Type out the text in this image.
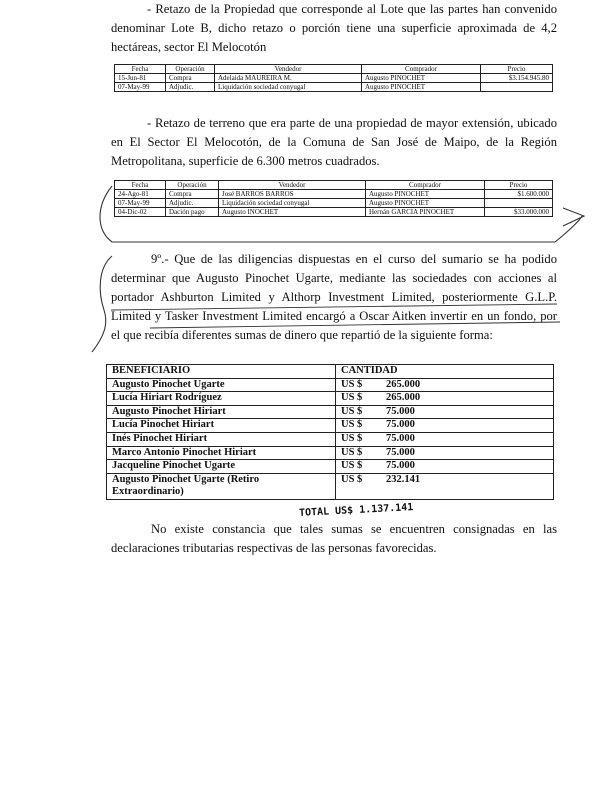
- Retazo de la Propiedad que corresponde al Lote que las partes han convenido denominar Lote B, dicho retazo o porción tiene una superficie aproximada de 4,2 hectáreas, sector El Melocotón

Fecha	Operación	Vendedor	Comprador	Precio
15-Jun-81	Compra	Adelaida MAUREIRA M.	Augusto PINOCHET	$3.154.945.80
07-May-99	Adjudic.	Liquidación sociedad conyugal	Augusto PINOCHET	

- Retazo de terreno que era parte de una propiedad de mayor extensión, ubicado en El Sector El Melocotón, de la Comuna de San José de Maipo, de la Región Metropolitana, superficie de 6.300 metros cuadrados.

Fecha	Operación	Vendedor	Comprador	Precio
24-Ago-81	Compra	José BARROS BARROS	Augusto PINOCHET	$1.600.000
07-May-99	Adjudic.	Liquidación sociedad conyugal	Augusto PINOCHET	
04-Dic-02	Dación pago	Augusto INOCHET	Hernán GARCIA PINOCHET	$33.000.000

9º.- Que de las diligencias dispuestas en el curso del sumario se ha podido determinar que Augusto Pinochet Ugarte, mediante las sociedades con acciones al portador Ashburton Limited y Althorp Investment Limited, posteriormente G.L.P. Limited y Tasker Investment Limited encargó a Oscar Aitken invertir en un fondo, por el que recibía diferentes sumas de dinero que repartió de la siguiente forma:

BENEFICIARIO	CANTIDAD	
Augusto Pinochet Ugarte	US $	265.000
Lucía Hiriart Rodríguez	US $	265.000
Augusto Pinochet Hiriart	US $	75.000
Lucía Pinochet Hiriart	US $	75.000
Inés Pinochet Hiriart	US $	75.000
Marco Antonio Pinochet Hiriart	US $	75.000
Jacqueline Pinochet Ugarte	US $	75.000
Augusto Pinochet Ugarte (Retiro Extraordinario)	US $	232.141
TOTAL US$ 1.137.141

No existe constancia que tales sumas se encuentren consignadas en las declaraciones tributarias respectivas de las personas favorecidas.
